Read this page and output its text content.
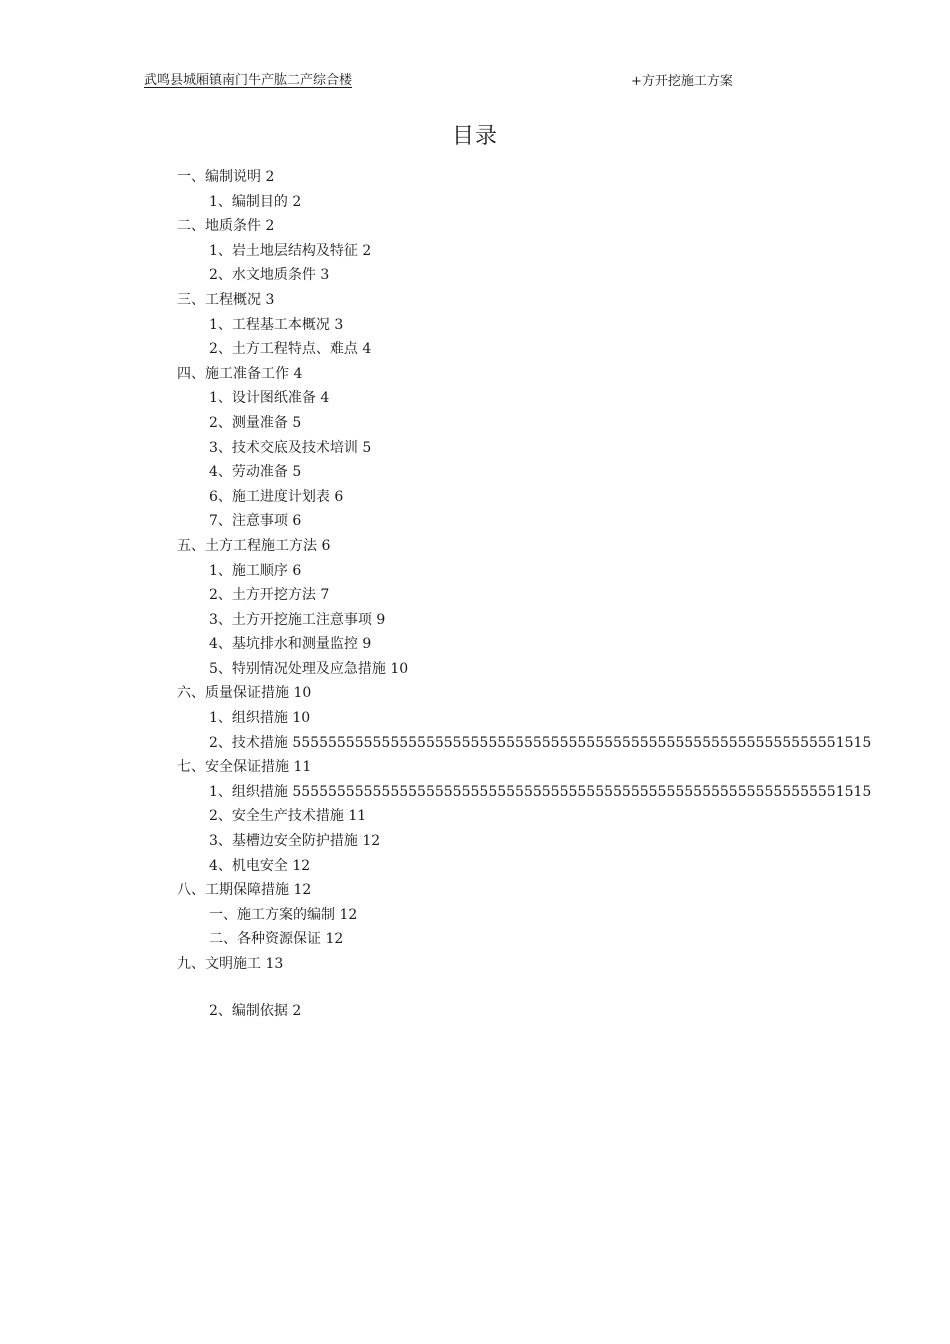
武鸣县城厢镇南门牛产肱二产综合楼	+方开挖施工方案
目录
一、编制说明 2
1、编制目的 2
二、地质条件 2
1、岩土地层结构及特征 2
2、水文地质条件 3
三、工程概况 3
1、工程基工本概况 3
2、土方工程特点、难点 4
四、施工准备工作 4
1、设计图纸准备 4
2、测量准备 5
3、技术交底及技术培训 5
4、劳动准备 5
6、施工进度计划表 6
7、注意事项 6
五、土方工程施工方法 6
1、施工顺序 6
2、土方开挖方法 7
3、土方开挖施工注意事项 9
4、基坑排水和测量监控 9
5、特别情况处理及应急措施 10
六、质量保证措施 10
1、组织措施 10
2、技术措施 55555555555555555555555555555555555555555555555555555555555551515
七、安全保证措施 11
1、组织措施 55555555555555555555555555555555555555555555555555555555555551515
2、安全生产技术措施 11
3、基槽边安全防护措施 12
4、机电安全 12
八、工期保障措施 12
一、施工方案的编制 12
二、各种资源保证 12
九、文明施工 13
2、编制依据 2
